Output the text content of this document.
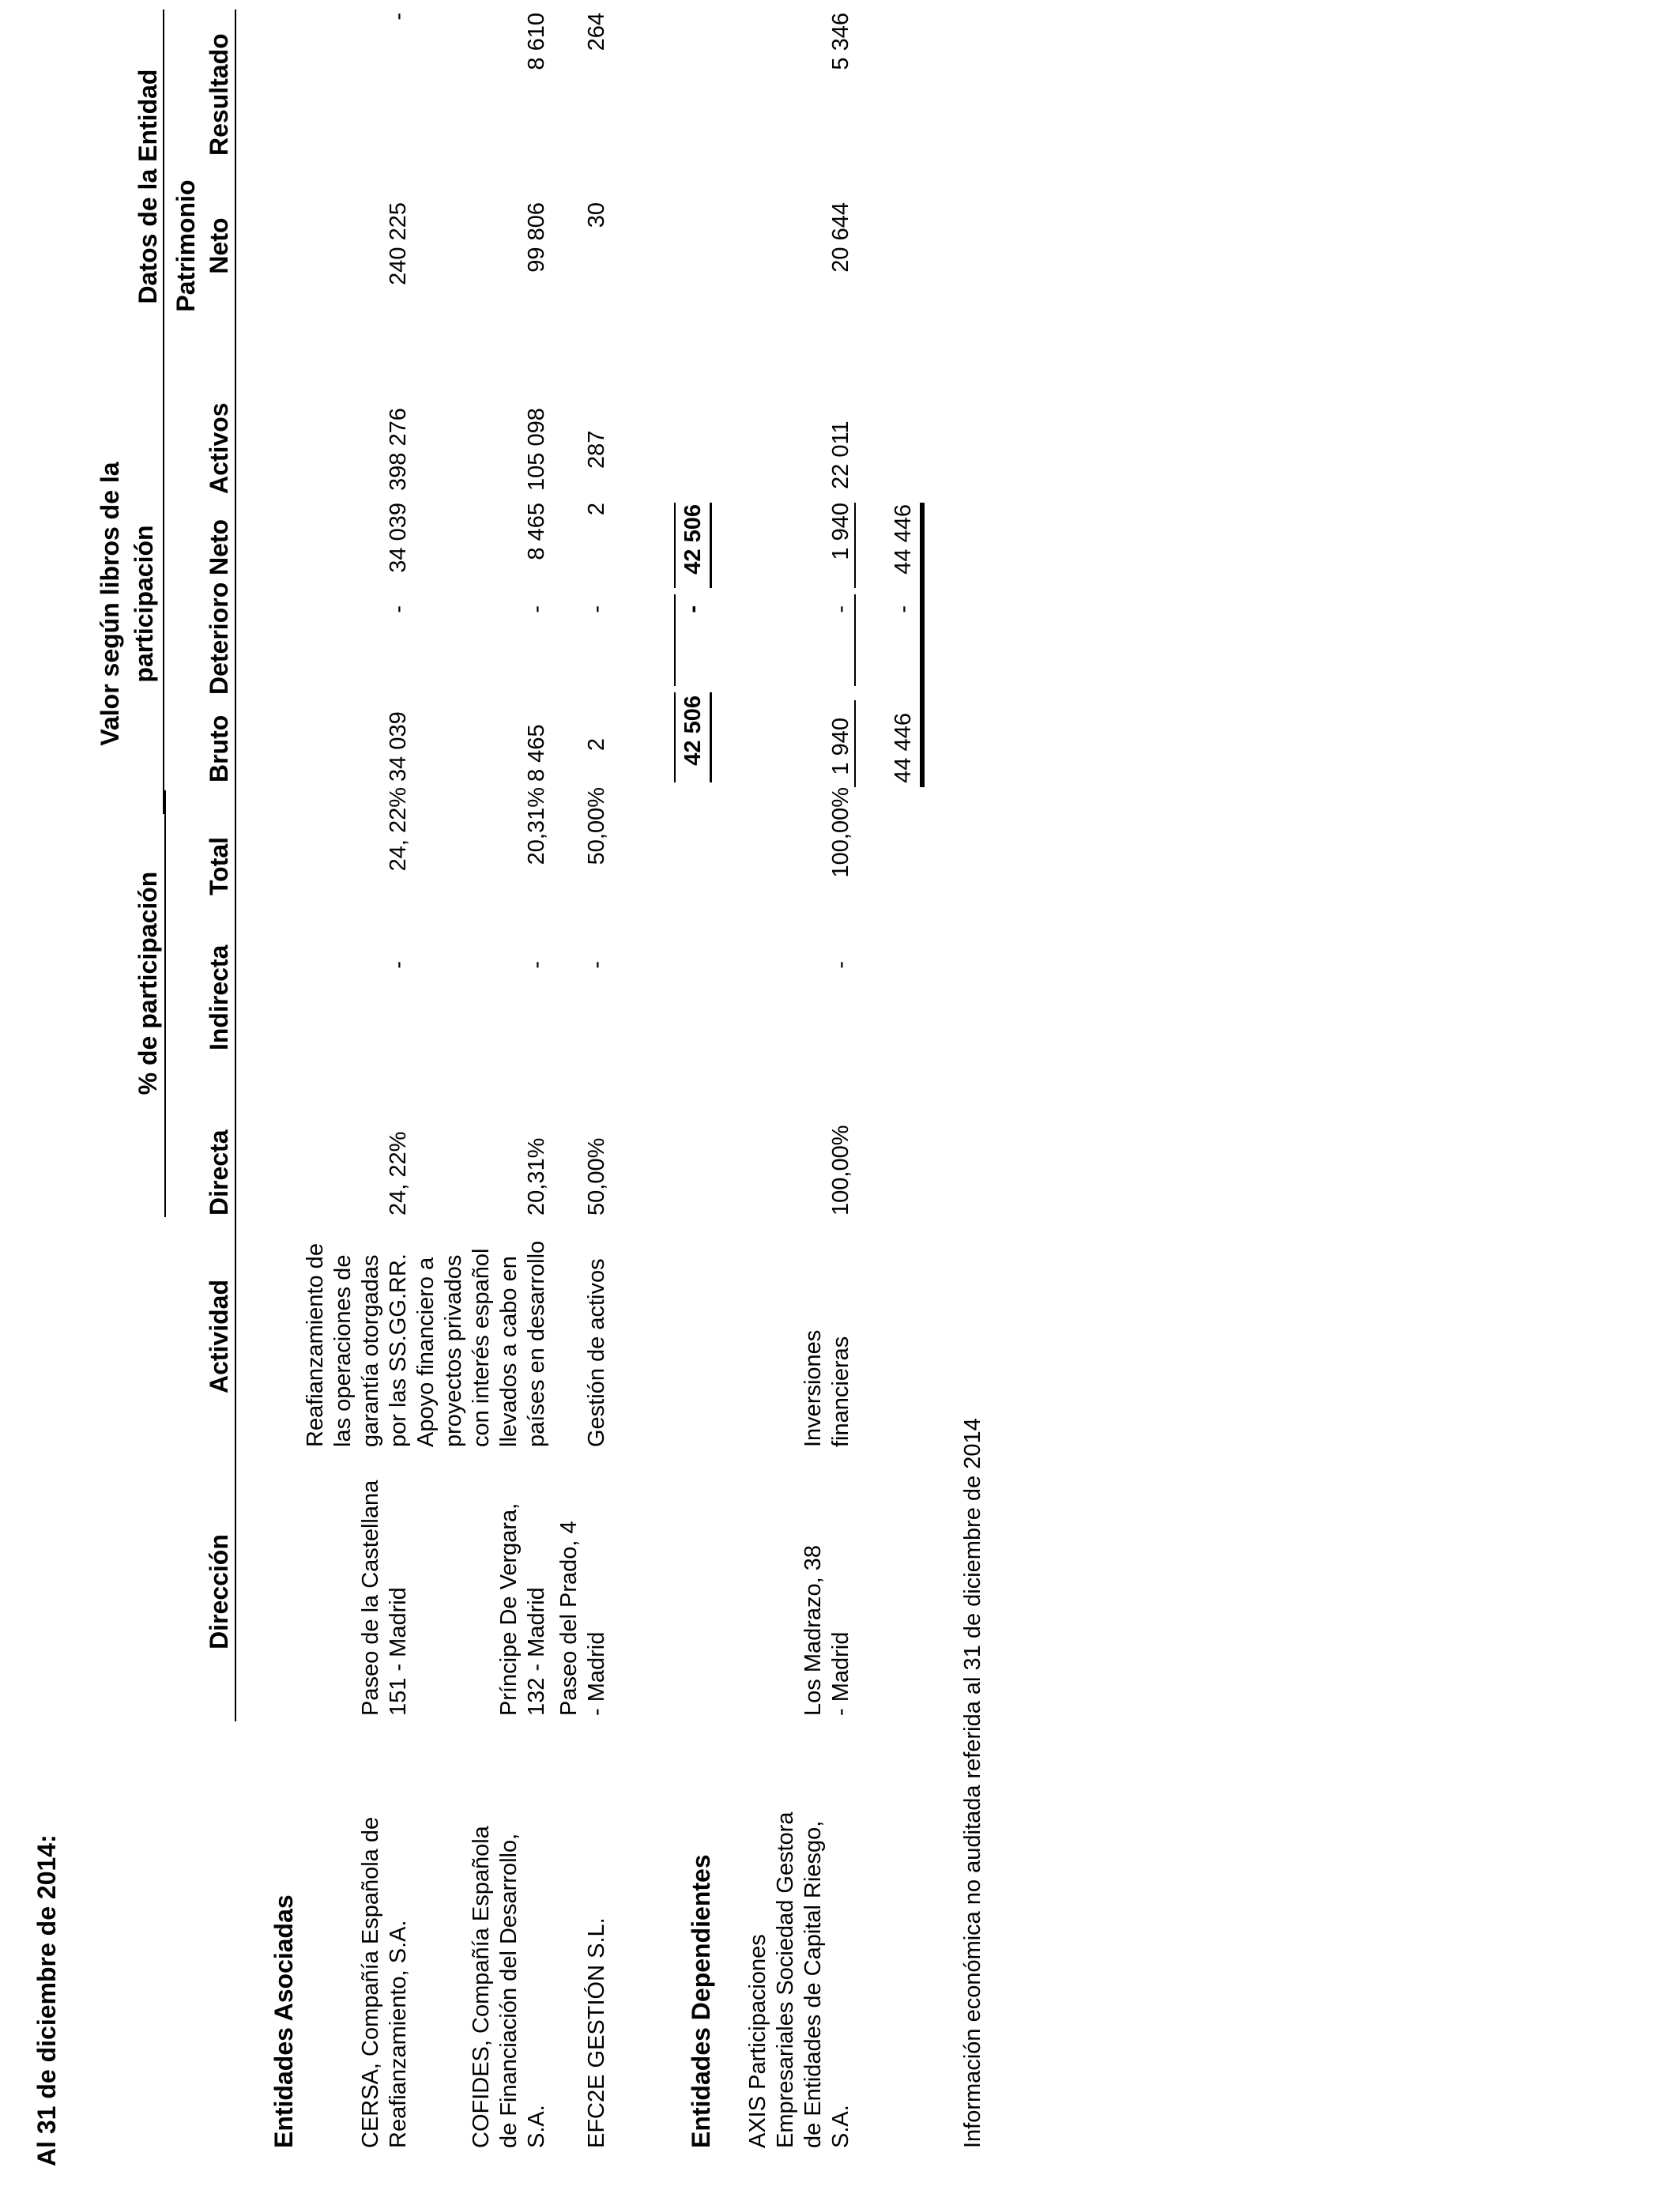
Al 31 de diciembre de 2014:
% de participación
Valor según libros de la participación
Datos de la Entidad Patrimonio
Dirección
Actividad
Directa
Indirecta
Total
Bruto
Deterioro
Neto
Activos
Neto
Resultado
Entidades Asociadas	CERSA, Compañía Española de Reafianzamiento, S.A.
Paseo de la Castellana 151 - Madrid
Reafianzamiento de las operaciones de garantía otorgadas por las SS.GG.RR.
24, 22%
-
24, 22%
34 039
-
34 039
398 276
240 225
-
COFIDES, Compañía Española de Financiación del Desarrollo, S.A.
Príncipe De Vergara, 132 - Madrid
Apoyo financiero a proyectos privados con interés español llevados a cabo en países en desarrollo
20,31%
-
20,31%
8 465
-
8 465
105 098
99 806
8 610
EFC2E GESTIÓN S.L.
Paseo del Prado, 4 - Madrid
Gestión de activos
50,00%
-
50,00%
2
-
2
287
30
264
42 506
-
42 506
Entidades Dependientes AXIS Participaciones Empresariales Sociedad Gestora de Entidades de Capital Riesgo, S.A.
Los Madrazo, 38 - Madrid
Inversiones financieras
100,00%
-
100,00%
1 940
-
1 940
22 011
20 644
5 346
44 446
-
44 446
Información económica no auditada referida al 31 de diciembre de 2014
